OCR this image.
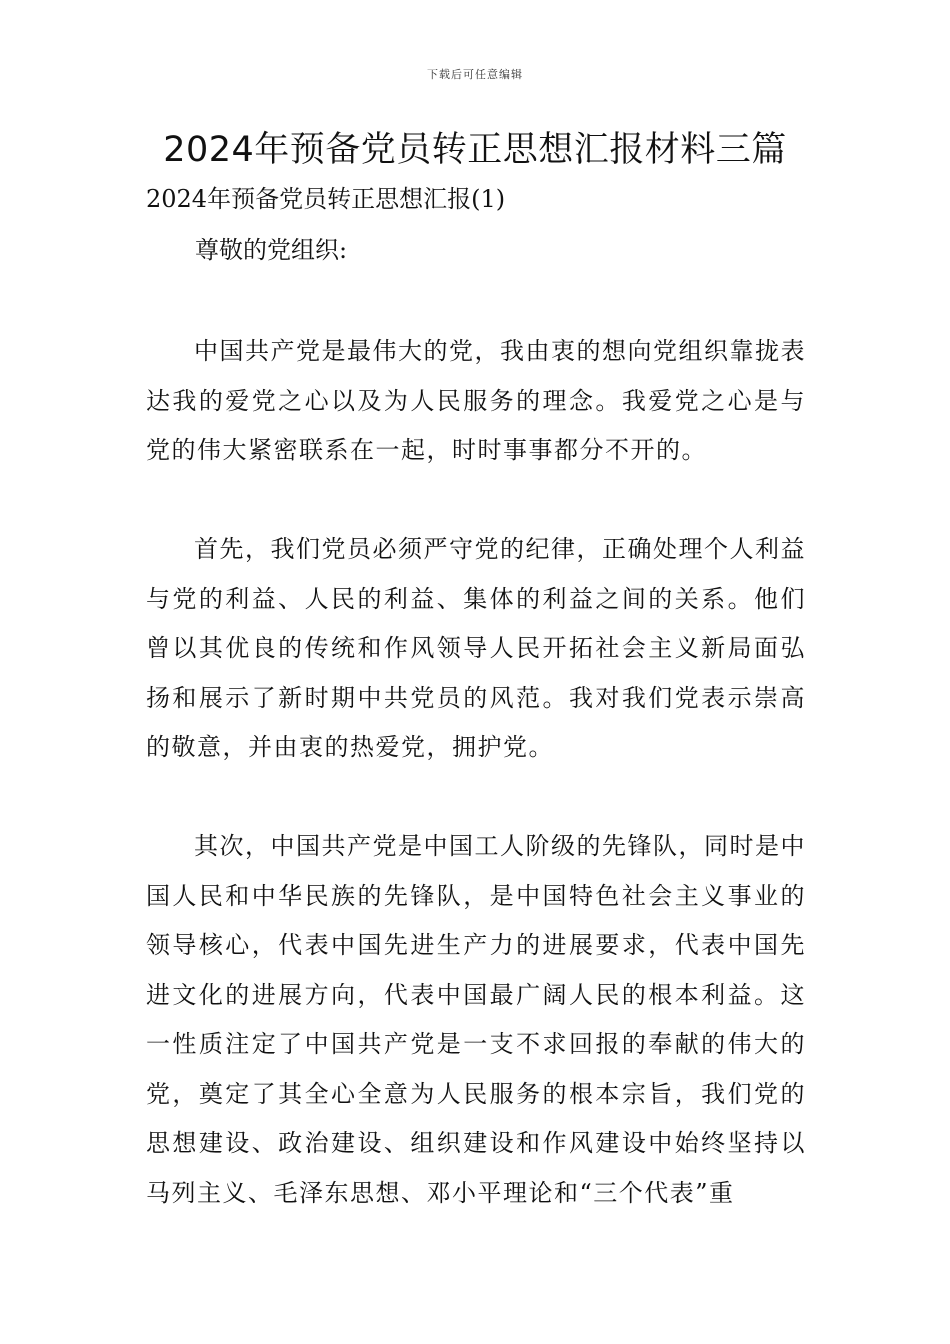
下载后可任意编辑
2024年预备党员转正思想汇报材料三篇
2024年预备党员转正思想汇报(1)
尊敬的党组织:

中国共产党是最伟大的党，我由衷的想向党组织靠拢表达我的爱党之心以及为人民服务的理念。我爱党之心是与党的伟大紧密联系在一起，时时事事都分不开的。

首先，我们党员必须严守党的纪律，正确处理个人利益与党的利益、人民的利益、集体的利益之间的关系。他们曾以其优良的传统和作风领导人民开拓社会主义新局面弘扬和展示了新时期中共党员的风范。我对我们党表示崇高的敬意，并由衷的热爱党，拥护党。

其次，中国共产党是中国工人阶级的先锋队，同时是中国人民和中华民族的先锋队，是中国特色社会主义事业的领导核心，代表中国先进生产力的进展要求，代表中国先进文化的进展方向，代表中国最广阔人民的根本利益。这一性质注定了中国共产党是一支不求回报的奉献的伟大的党，奠定了其全心全意为人民服务的根本宗旨，我们党的思想建设、政治建设、组织建设和作风建设中始终坚持以马列主义、毛泽东思想、邓小平理论和“三个代表”重
